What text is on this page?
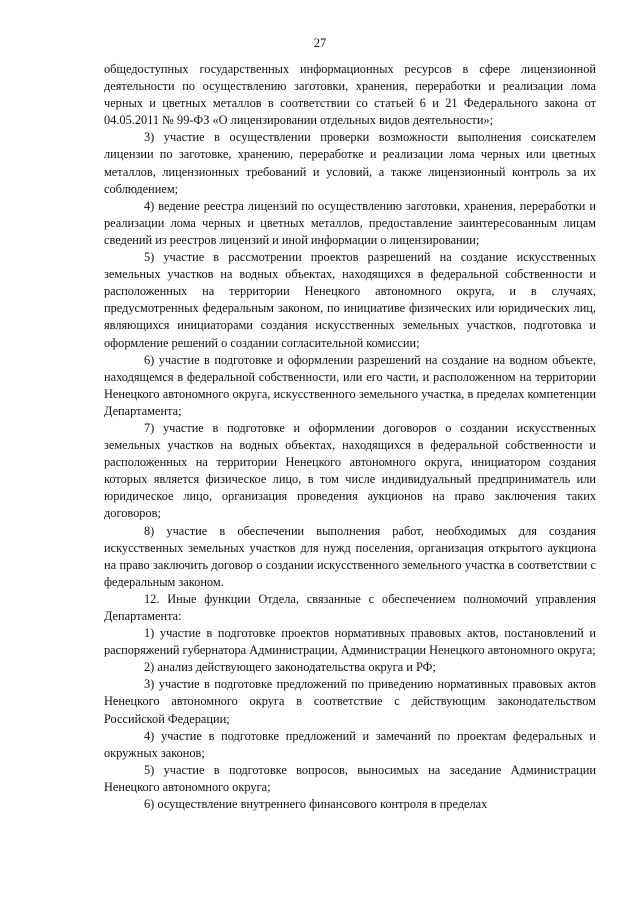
27

общедоступных государственных информационных ресурсов в сфере лицензионной деятельности по осуществлению заготовки, хранения, переработки и реализации лома черных и цветных металлов в соответствии со статьей 6 и 21 Федерального закона от 04.05.2011 № 99-ФЗ «О лицензировании отдельных видов деятельности»;

3) участие в осуществлении проверки возможности выполнения соискателем лицензии по заготовке, хранению, переработке и реализации лома черных или цветных металлов, лицензионных требований и условий, а также лицензионный контроль за их соблюдением;

4) ведение реестра лицензий по осуществлению заготовки, хранения, переработки и реализации лома черных и цветных металлов, предоставление заинтересованным лицам сведений из реестров лицензий и иной информации о лицензировании;

5) участие в рассмотрении проектов разрешений на создание искусственных земельных участков на водных объектах, находящихся в федеральной собственности и расположенных на территории Ненецкого автономного округа, и в случаях, предусмотренных федеральным законом, по инициативе физических или юридических лиц, являющихся инициаторами создания искусственных земельных участков, подготовка и оформление решений о создании согласительной комиссии;

6) участие в подготовке и оформлении разрешений на создание на водном объекте, находящемся в федеральной собственности, или его части, и расположенном на территории Ненецкого автономного округа, искусственного земельного участка, в пределах компетенции Департамента;

7) участие в подготовке и оформлении договоров о создании искусственных земельных участков на водных объектах, находящихся в федеральной собственности и расположенных на территории Ненецкого автономного округа, инициатором создания которых является физическое лицо, в том числе индивидуальный предприниматель или юридическое лицо, организация проведения аукционов на право заключения таких договоров;

8) участие в обеспечении выполнения работ, необходимых для создания искусственных земельных участков для нужд поселения, организация открытого аукциона на право заключить договор о создании искусственного земельного участка в соответствии с федеральным законом.

12. Иные функции Отдела, связанные с обеспечением полномочий управления Департамента:

1) участие в подготовке проектов нормативных правовых актов, постановлений и распоряжений губернатора Администрации, Администрации Ненецкого автономного округа;

2) анализ действующего законодательства округа и РФ;

3) участие в подготовке предложений по приведению нормативных правовых актов Ненецкого автономного округа в соответствие с действующим законодательством Российской Федерации;

4) участие в подготовке предложений и замечаний по проектам федеральных и окружных законов;

5) участие в подготовке вопросов, выносимых на заседание Администрации Ненецкого автономного округа;

6) осуществление внутреннего финансового контроля в пределах
